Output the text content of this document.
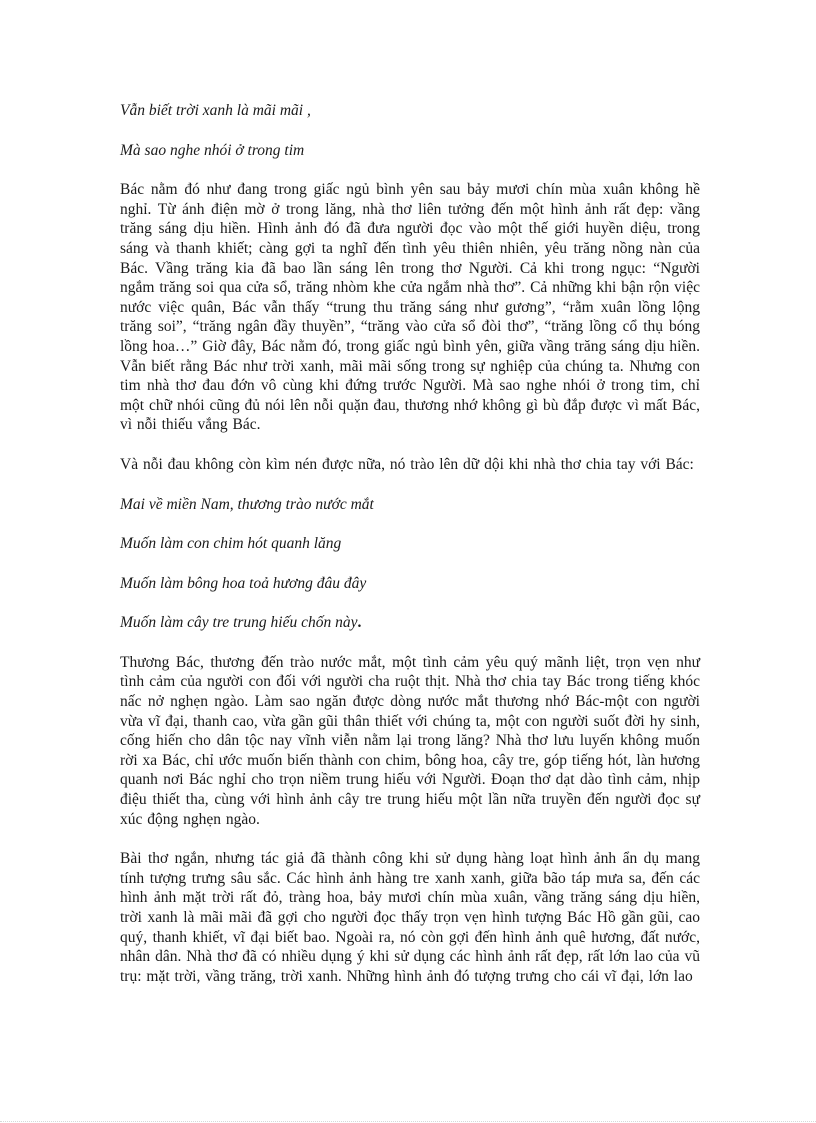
Vẫn biết trời xanh là mãi mãi ,

Mà sao nghe nhói ở trong tim

Bác nằm đó như đang trong giấc ngủ bình yên sau bảy mươi chín mùa xuân không hề nghỉ. Từ ánh điện mờ ở trong lăng, nhà thơ liên tưởng đến một hình ảnh rất đẹp: vầng trăng sáng dịu hiền. Hình ảnh đó đã đưa người đọc vào một thế giới huyền diệu, trong sáng và thanh khiết; càng gợi ta nghĩ đến tình yêu thiên nhiên, yêu trăng nồng nàn của Bác. Vầng trăng kia đã bao lần sáng lên trong thơ Người. Cả khi trong ngục: “Người ngắm trăng soi qua cửa sổ, trăng nhòm khe cửa ngắm nhà thơ”. Cả những khi bận rộn việc nước việc quân, Bác vẫn thấy “trung thu trăng sáng như gương”, “rằm xuân lồng lộng trăng soi”, “trăng ngân đầy thuyền”, “trăng vào cửa sổ đòi thơ”, “trăng lồng cổ thụ bóng lồng hoa…” Giờ đây, Bác nằm đó, trong giấc ngủ bình yên, giữa vầng trăng sáng dịu hiền. Vẫn biết rằng Bác như trời xanh, mãi mãi sống trong sự nghiệp của chúng ta. Nhưng con tim nhà thơ đau đớn vô cùng khi đứng trước Người. Mà sao nghe nhói ở trong tim, chỉ một chữ nhói cũng đủ nói lên nỗi quặn đau, thương nhớ không gì bù đắp được vì mất Bác, vì nỗi thiếu vắng Bác.

Và nỗi đau không còn kìm nén được nữa, nó trào lên dữ dội khi nhà thơ chia tay với Bác:

Mai về miền Nam, thương trào nước mắt

Muốn làm con chim hót quanh lăng

Muốn làm bông hoa toả hương đâu đây

Muốn làm cây tre trung hiếu chốn này.

Thương Bác, thương đến trào nước mắt, một tình cảm yêu quý mãnh liệt, trọn vẹn như tình cảm của người con đối với người cha ruột thịt. Nhà thơ chia tay Bác trong tiếng khóc nấc nở nghẹn ngào. Làm sao ngăn được dòng nước mắt thương nhớ Bác-một con người vừa vĩ đại, thanh cao, vừa gần gũi thân thiết với chúng ta, một con người suốt đời hy sinh, cống hiến cho dân tộc nay vĩnh viễn nằm lại trong lăng? Nhà thơ lưu luyến không muốn rời xa Bác, chỉ ước muốn biến thành con chim, bông hoa, cây tre, góp tiếng hót, làn hương quanh nơi Bác nghỉ cho trọn niềm trung hiếu với Người. Đoạn thơ dạt dào tình cảm, nhịp điệu thiết tha, cùng với hình ảnh cây tre trung hiếu một lần nữa truyền đến người đọc sự xúc động nghẹn ngào.

Bài thơ ngắn, nhưng tác giả đã thành công khi sử dụng hàng loạt hình ảnh ẩn dụ mang tính tượng trưng sâu sắc. Các hình ảnh hàng tre xanh xanh, giữa bão táp mưa sa, đến các hình ảnh mặt trời rất đỏ, tràng hoa, bảy mươi chín mùa xuân, vầng trăng sáng dịu hiền, trời xanh là mãi mãi đã gợi cho người đọc thấy trọn vẹn hình tượng Bác Hồ gần gũi, cao quý, thanh khiết, vĩ đại biết bao. Ngoài ra, nó còn gợi đến hình ảnh quê hương, đất nước, nhân dân. Nhà thơ đã có nhiều dụng ý khi sử dụng các hình ảnh rất đẹp, rất lớn lao của vũ trụ: mặt trời, vầng trăng, trời xanh. Những hình ảnh đó tượng trưng cho cái vĩ đại, lớn lao
